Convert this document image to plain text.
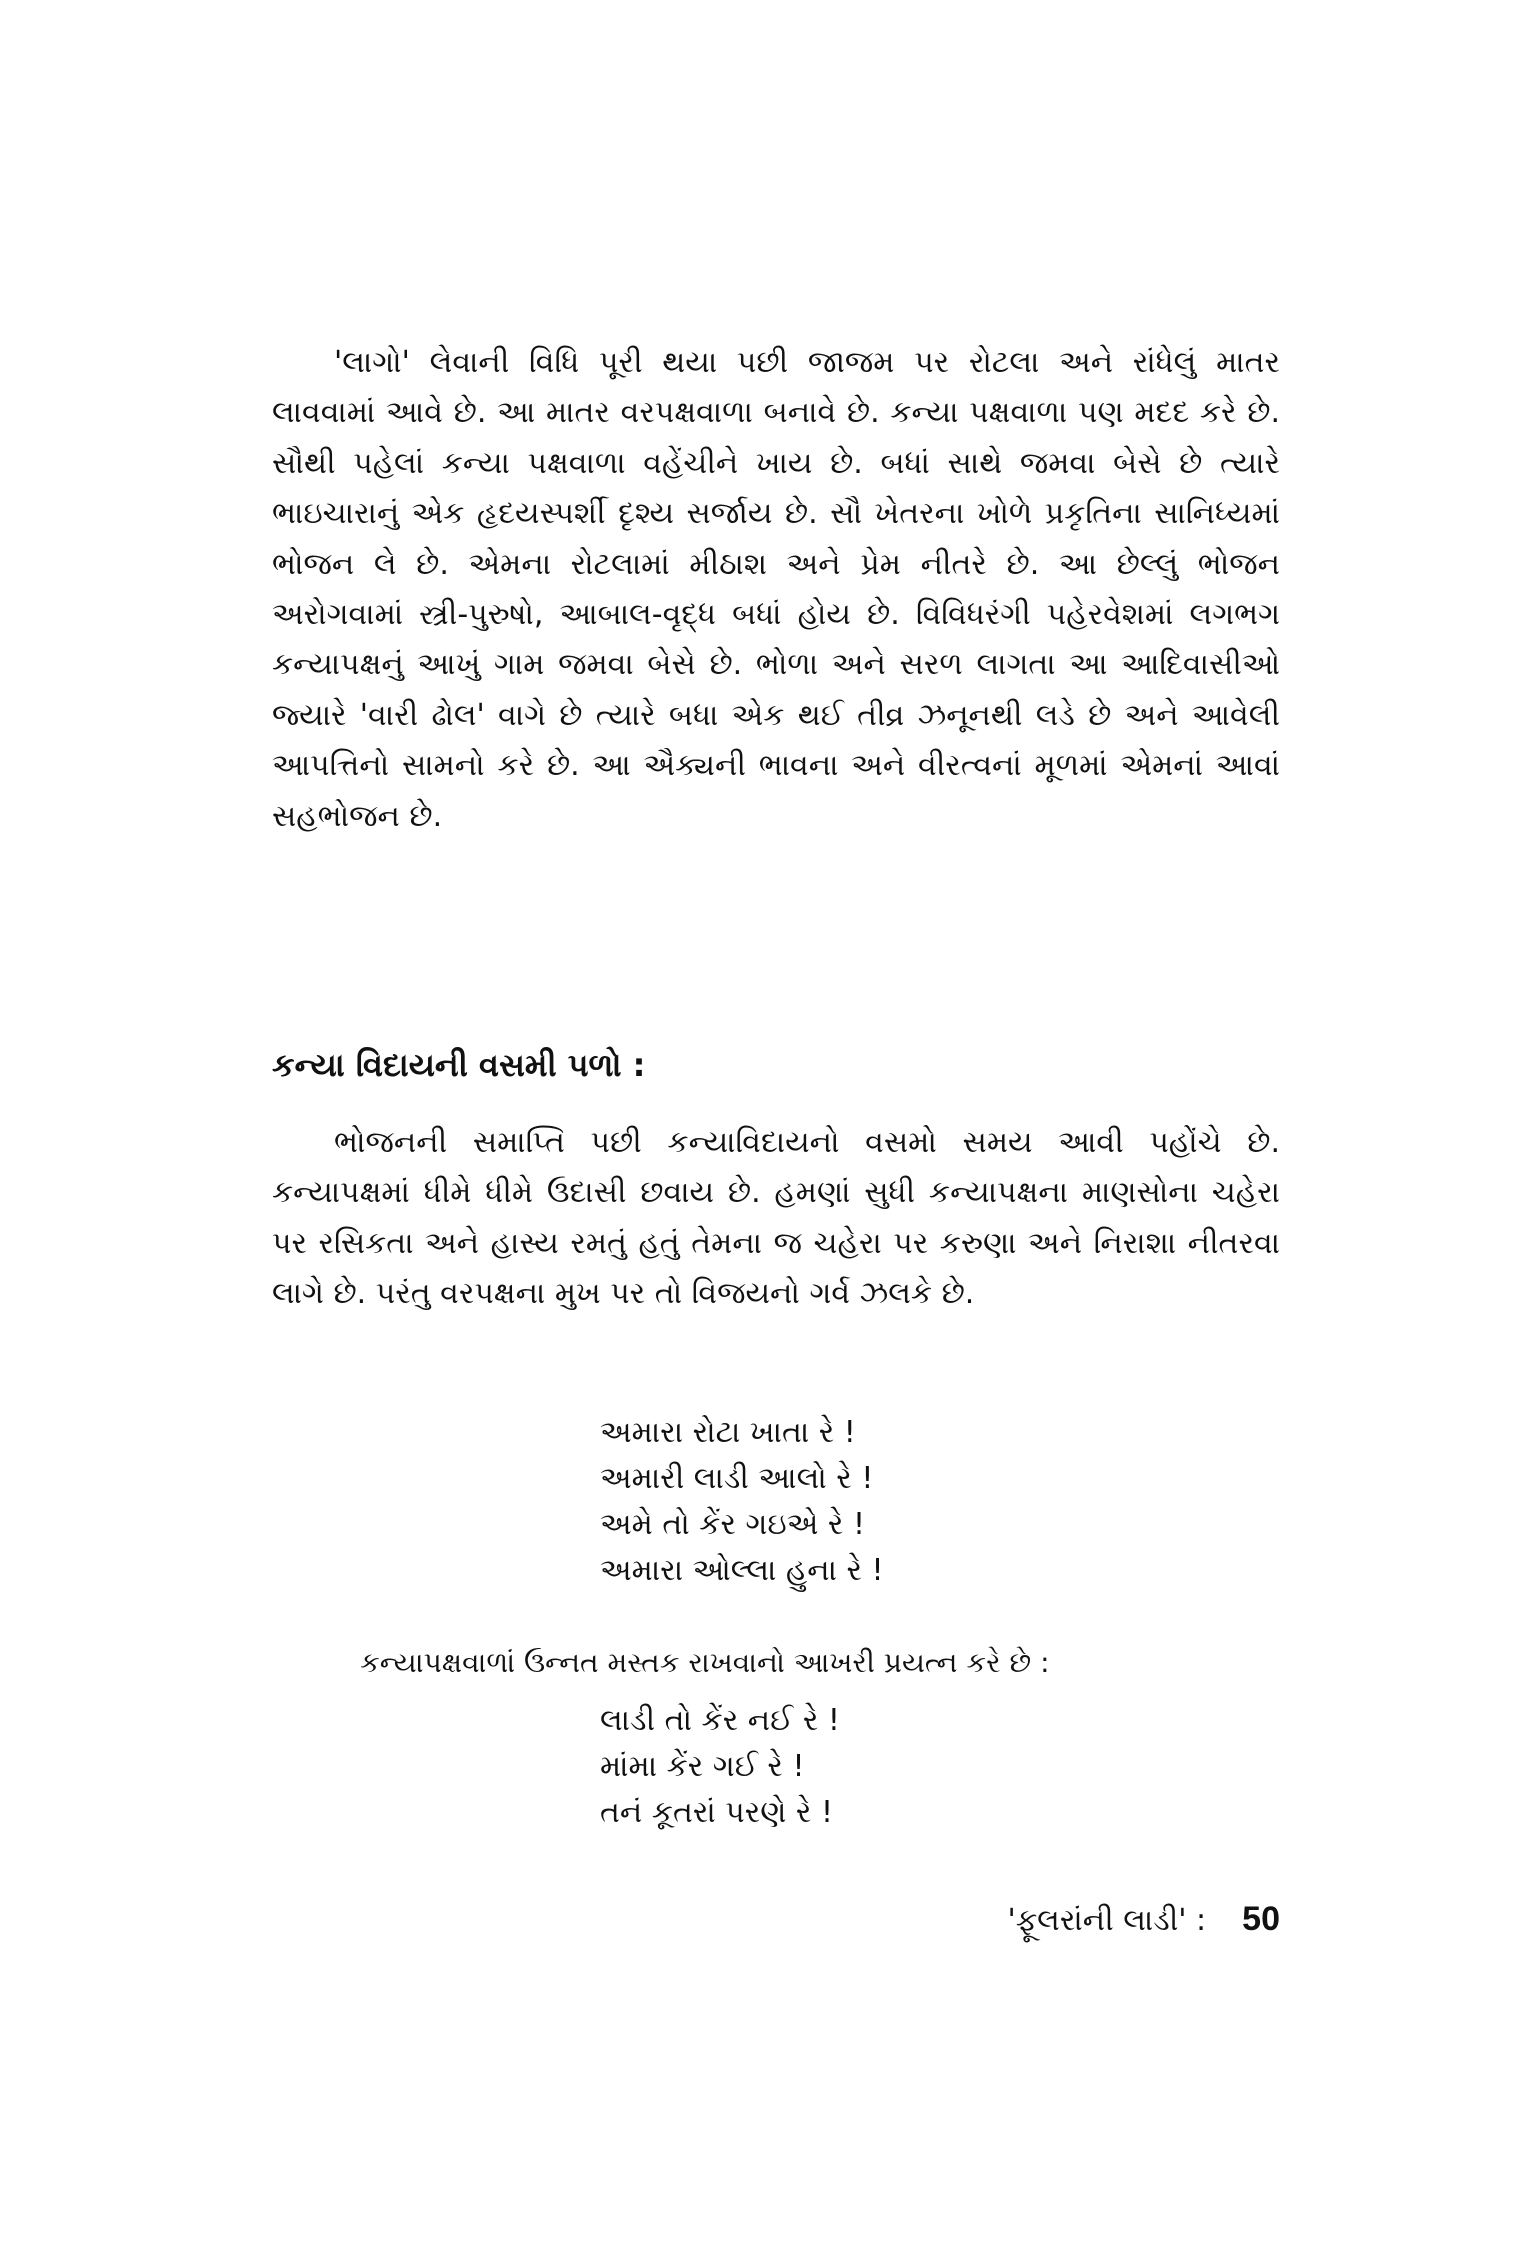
'લાગો' લેવાની વિધિ પૂરી થયા પછી જાજમ પર રોટલા અને રાંધેલું માતર લાવવામાં આવે છે. આ માતર વરપક્ષવાળા બનાવે છે. કન્યા પક્ષવાળા પણ મદદ કરે છે. સૌથી પહેલાં કન્યા પક્ષવાળા વહેંચીને ખાય છે. બધાં સાથે જમવા બેસે છે ત્યારે ભાઇચારાનું એક હૃદયસ્પર્શી દૃશ્ય સર્જાય છે. સૌ ખેતરના ખોળે પ્રકૃતિના સાનિધ્યમાં ભોજન લે છે. એમના રોટલામાં મીઠાશ અને પ્રેમ નીતરે છે. આ છેલ્લું ભોજન અરોગવામાં સ્ત્રી-પુરુષો, આબાલ-વૃદ્ધ બધાં હોય છે. વિવિધરંગી પહેરવેશમાં લગભગ કન્યાપક્ષનું આખું ગામ જમવા બેસે છે. ભોળા અને સરળ લાગતા આ આદિવાસીઓ જ્યારે 'વારી ઢોલ' વાગે છે ત્યારે બધા એક થઈ તીવ્ર ઝનૂનથી લડે છે અને આવેલી આપત્તિનો સામનો કરે છે. આ ઐક્યની ભાવના અને વીરત્વનાં મૂળમાં એમનાં આવાં સહભોજન છે.

કન્યા વિદાયની વસમી પળો :

ભોજનની સમાપ્તિ પછી કન્યાવિદાયનો વસમો સમય આવી પહોંચે છે. કન્યાપક્ષમાં ધીમે ધીમે ઉદાસી છવાય છે. હમણાં સુધી કન્યાપક્ષના માણસોના ચહેરા પર રસિકતા અને હાસ્ય રમતું હતું તેમના જ ચહેરા પર કરુણા અને નિરાશા નીતરવા લાગે છે. પરંતુ વરપક્ષના મુખ પર તો વિજયનો ગર્વ ઝલકે છે.

અમારા રોટા ખાતા રે !
અમારી લાડી આલો રે !
અમે તો કેંર ગઇએ રે !
અમારા ઓલ્લા હુના રે !

કન્યાપક્ષવાળાં ઉન્નત મસ્તક રાખવાનો આખરી પ્રયત્ન કરે છે :

લાડી તો કેંર નઈ રે !
માંમા કેંર ગઈ રે !
તનં કૂતરાં પરણે રે !

'ફૂલરાંની લાડી' : 50
